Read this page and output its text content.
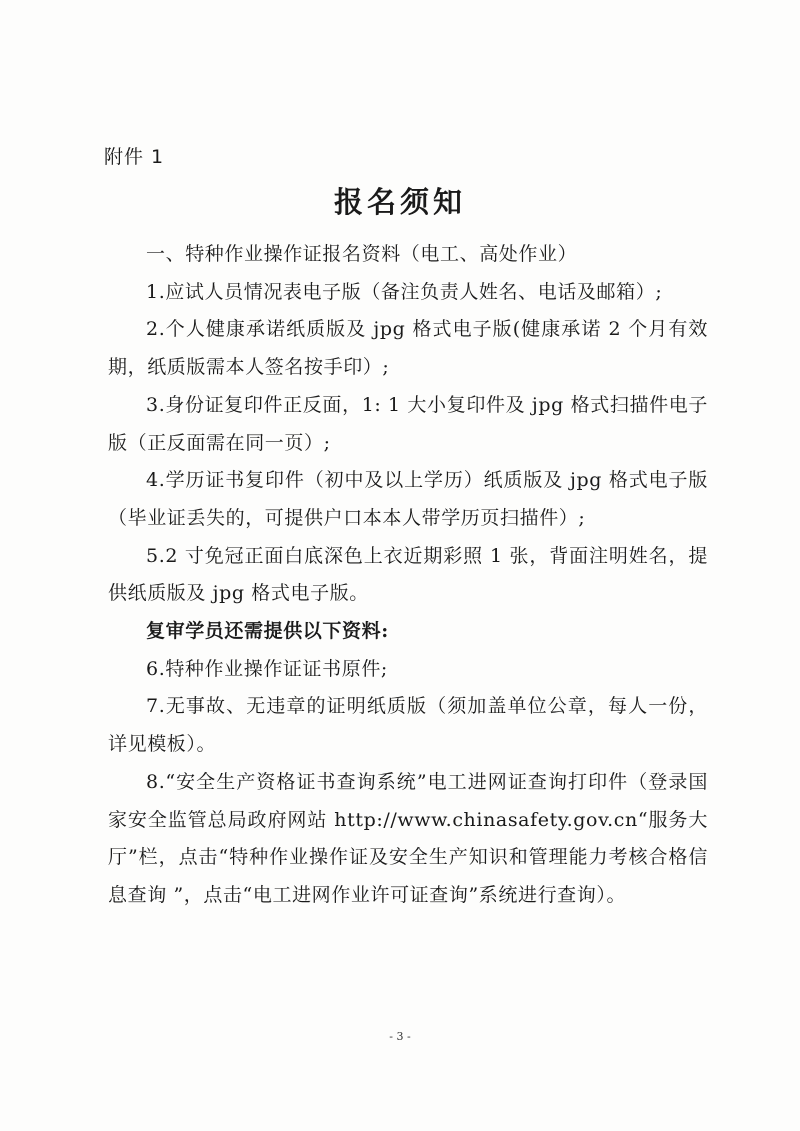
附件 1
报名须知

一、特种作业操作证报名资料（电工、高处作业）

1.应试人员情况表电子版（备注负责人姓名、电话及邮箱）;

2.个人健康承诺纸质版及 jpg 格式电子版(健康承诺 2 个月有效期，纸质版需本人签名按手印）;

3.身份证复印件正反面，1: 1 大小复印件及 jpg 格式扫描件电子版（正反面需在同一页）;

4.学历证书复印件（初中及以上学历）纸质版及 jpg 格式电子版（毕业证丢失的，可提供户口本本人带学历页扫描件）;

5.2 寸免冠正面白底深色上衣近期彩照 1 张，背面注明姓名，提供纸质版及 jpg 格式电子版。

复审学员还需提供以下资料:

6.特种作业操作证证书原件;

7.无事故、无违章的证明纸质版（须加盖单位公章，每人一份，详见模板）。

8.“安全生产资格证书查询系统”电工进网证查询打印件（登录国家安全监管总局政府网站 http://www.chinasafety.gov.cn“服务大厅”栏，点击“特种作业操作证及安全生产知识和管理能力考核合格信息查询 ”，点击“电工进网作业许可证查询”系统进行查询）。

- 3 -
